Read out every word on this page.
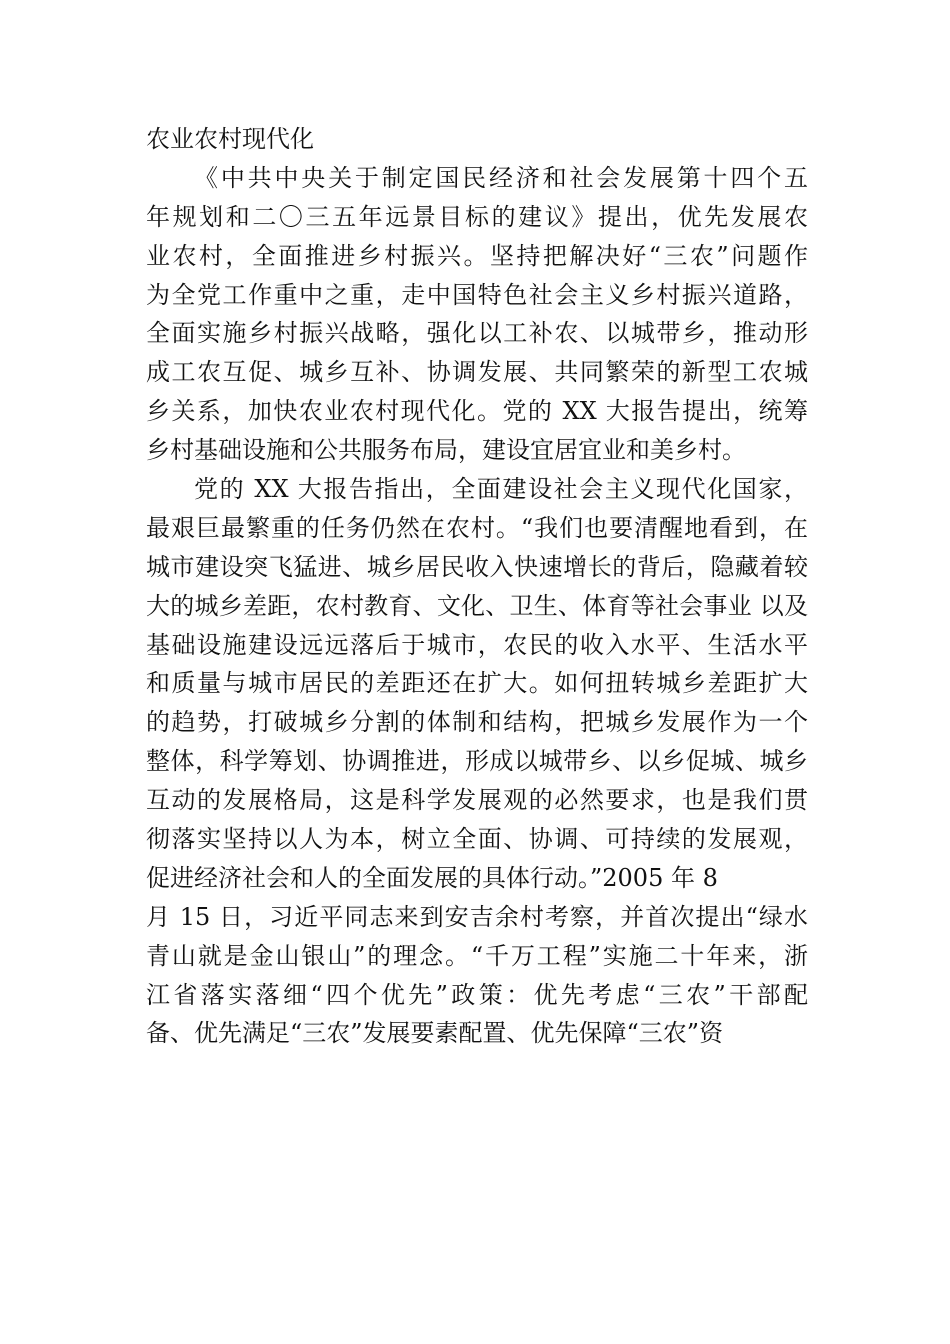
农业农村现代化
《中共中央关于制定国民经济和社会发展第十四个五
年规划和二〇三五年远景目标的建议》提出，优先发展农
业农村，全面推进乡村振兴。坚持把解决好“三农”问题作
为全党工作重中之重，走中国特色社会主义乡村振兴道路，
全面实施乡村振兴战略，强化以工补农、以城带乡，推动形
成工农互促、城乡互补、协调发展、共同繁荣的新型工农城
乡关系，加快农业农村现代化。党的 XX 大报告提出，统筹
乡村基础设施和公共服务布局，建设宜居宜业和美乡村。
党的 XX 大报告指出，全面建设社会主义现代化国家，
最艰巨最繁重的任务仍然在农村。“我们也要清醒地看到，在
城市建设突飞猛进、城乡居民收入快速增长的背后，隐藏着较
大的城乡差距，农村教育、文化、卫生、体育等社会事业 以及
基础设施建设远远落后于城市，农民的收入水平、生活水平
和质量与城市居民的差距还在扩大。如何扭转城乡差距扩大
的趋势，打破城乡分割的体制和结构，把城乡发展作为一个
整体，科学筹划、协调推进，形成以城带乡、以乡促城、城乡
互动的发展格局，这是科学发展观的必然要求，也是我们贯
彻落实坚持以人为本，树立全面、协调、可持续的发展观，
促进经济社会和人的全面发展的具体行动。”2005 年 8
月 15 日，习近平同志来到安吉余村考察，并首次提出“绿水
青山就是金山银山”的理念。“千万工程”实施二十年来，浙
江省落实落细“四个优先”政策：优先考虑“三农”干部配
备、优先满足“三农”发展要素配置、优先保障“三农”资
